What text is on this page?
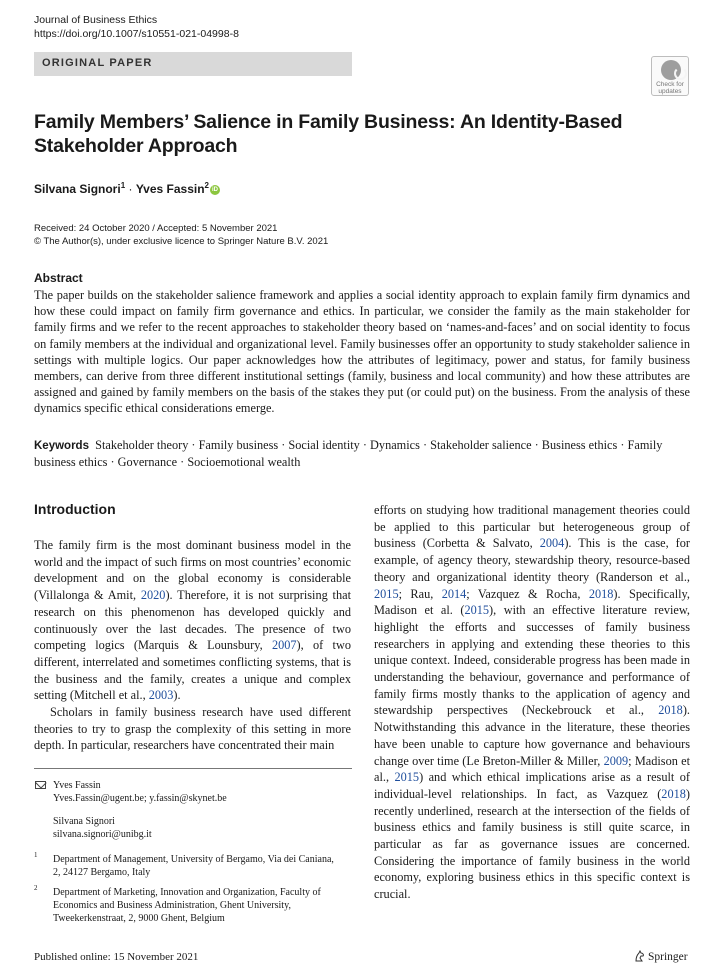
Journal of Business Ethics
https://doi.org/10.1007/s10551-021-04998-8
ORIGINAL PAPER
Check for
updates
Family Members’ Salience in Family Business: An Identity-Based Stakeholder Approach
Silvana Signori$^1$ · Yves Fassin$^2$ iD
Received: 24 October 2020 / Accepted: 5 November 2021
© The Author(s), under exclusive licence to Springer Nature B.V. 2021
Abstract
The paper builds on the stakeholder salience framework and applies a social identity approach to explain family firm dynamics and how these could impact on family firm governance and ethics. In particular, we consider the family as the main stakeholder for family firms and we refer to the recent approaches to stakeholder theory based on ‘names-and-faces’ and on social identity to focus on family members at the individual and organizational level. Family businesses offer an opportunity to study stakeholder salience in settings with multiple logics. Our paper acknowledges how the attributes of legitimacy, power and status, for family business members, can derive from three different institutional settings (family, business and local community) and how these attributes are assigned and gained by family members on the basis of the stakes they put (or could put) on the business. From the analysis of these dynamics specific ethical considerations emerge.
Keywords Stakeholder theory · Family business · Social identity · Dynamics · Stakeholder salience · Business ethics · Family business ethics · Governance · Socioemotional wealth
Introduction

The family firm is the most dominant business model in the world and the impact of such firms on most countries’ economic development and on the global economy is considerable (Villalonga & Amit, 2020). Therefore, it is not surprising that research on this phenomenon has developed quickly and continuously over the last decades. The presence of two competing logics (Marquis & Lounsbury, 2007), of two different, interrelated and sometimes conflicting systems, that is the business and the family, creates a unique and complex setting (Mitchell et al., 2003).

Scholars in family business research have used different theories to try to grasp the complexity of this setting in more depth. In particular, researchers have concentrated their main

efforts on studying how traditional management theories could be applied to this particular but heterogeneous group of business (Corbetta & Salvato, 2004). This is the case, for example, of agency theory, stewardship theory, resource-based theory and organizational identity theory (Randerson et al., 2015; Rau, 2014; Vazquez & Rocha, 2018). Specifically, Madison et al. (2015), with an effective literature review, highlight the efforts and successes of family business researchers in applying and extending these theories to this unique context. Indeed, considerable progress has been made in understanding the behaviour, governance and performance of family firms mostly thanks to the application of agency and stewardship perspectives (Neckebrouck et al., 2018). Notwithstanding this advance in the literature, these theories have been unable to capture how governance and behaviours change over time (Le Breton-Miller & Miller, 2009; Madison et al., 2015) and which ethical implications arise as a result of individual-level relationships. In fact, as Vazquez (2018) recently underlined, research at the intersection of the fields of business ethics and family business is still quite scarce, in particular as far as governance issues are concerned. Considering the importance of family business in the world economy, exploring business ethics in this specific context is crucial.

Yves Fassin
Yves.Fassin@ugent.be; y.fassin@skynet.be
Silvana Signori
silvana.signori@unibg.it
1 Department of Management, University of Bergamo, Via dei Caniana, 2, 24127 Bergamo, Italy
2 Department of Marketing, Innovation and Organization, Faculty of Economics and Business Administration, Ghent University, Tweekerkenstraat, 2, 9000 Ghent, Belgium
Published online: 15 November 2021	Springer
